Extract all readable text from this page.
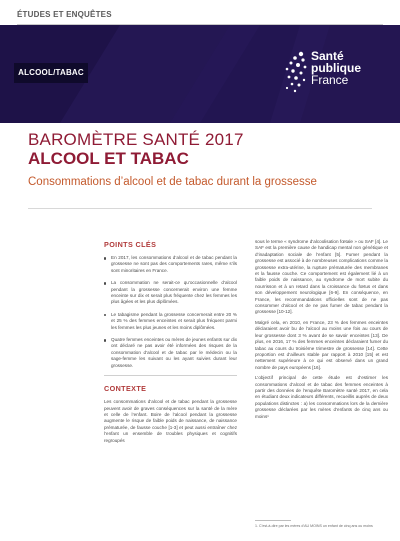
ÉTUDES ET ENQUÊTES
ALCOOL/TABAC
Santé
publique
France
BAROMÈTRE SANTÉ 2017
ALCOOL ET TABAC
Consommations d’alcool et de tabac durant la grossesse
POINTS CLÉS
En 2017, les consommations d’alcool et de tabac pendant la grossesse ne sont pas des comportements rares, même s’ils sont minoritaires en France.
La consommation ne serait-ce qu’occasionnelle d’alcool pendant la grossesse concernerait environ une femme enceinte sur dix et serait plus fréquente chez les femmes les plus âgées et les plus diplômées.
Le tabagisme pendant la grossesse concernerait entre 20 % et 25 % des femmes enceintes et serait plus fréquent parmi les femmes les plus jeunes et les moins diplômées.
Quatre femmes enceintes ou mères de jeunes enfants sur dix ont déclaré ne pas avoir été informées des risques de la consommation d’alcool et de tabac par le médecin ou la sage-femme les suivant ou les ayant suivies durant leur grossesse.
CONTEXTE

Les consommations d’alcool et de tabac pendant la grossesse peuvent avoir de graves conséquences sur la santé de la mère et celle de l’enfant. Boire de l’alcool pendant la grossesse augmente le risque de faible poids de naissance, de naissance prématurée, de fausse couche [1-3] et peut aussi entraîner chez l’enfant un ensemble de troubles physiques et cognitifs regroupés

sous le terme « syndrome d’alcoolisation fœtale » ou SAF [4]. Le SAF est la première cause de handicap mental non génétique et d’inadaptation sociale de l’enfant [5]. Fumer pendant la grossesse est associé à de nombreuses complications comme la grossesse extra-utérine, la rupture prématurée des membranes et la fausse couche. Ce comportement est également lié à un faible poids de naissance, au syndrome de mort subite du nourrisson et à un retard dans la croissance du fœtus et dans son développement neurologique [6-9]. En conséquence, en France, les recommandations officielles sont de ne pas consommer d’alcool et de ne pas fumer de tabac pendant la grossesse [10-12].

Malgré cela, en 2010, en France, 23 % des femmes enceintes déclaraient avoir bu de l’alcool au moins une fois au cours de leur grossesse dont 3 % avant de se savoir enceintes [13]. De plus, en 2016, 17 % des femmes enceintes déclaraient fumer du tabac au cours du troisième trimestre de grossesse [14]. Cette proportion est d’ailleurs stable par rapport à 2010 [15] et est nettement supérieure à ce qui est observé dans un grand nombre de pays européens [16].

L’objectif principal de cette étude est d’estimer les consommations d’alcool et de tabac des femmes enceintes à partir des données de l’enquête Baromètre santé 2017, en cela en étudiant deux indicateurs différents, recueillis auprès de deux populations distinctes : a) les consommations lors de la dernière grossesse déclarées par les mères d’enfants de cinq ans ou moins¹

1. C’est-à-dire par les mères d’AU MOINS un enfant de cinq ans ou moins
